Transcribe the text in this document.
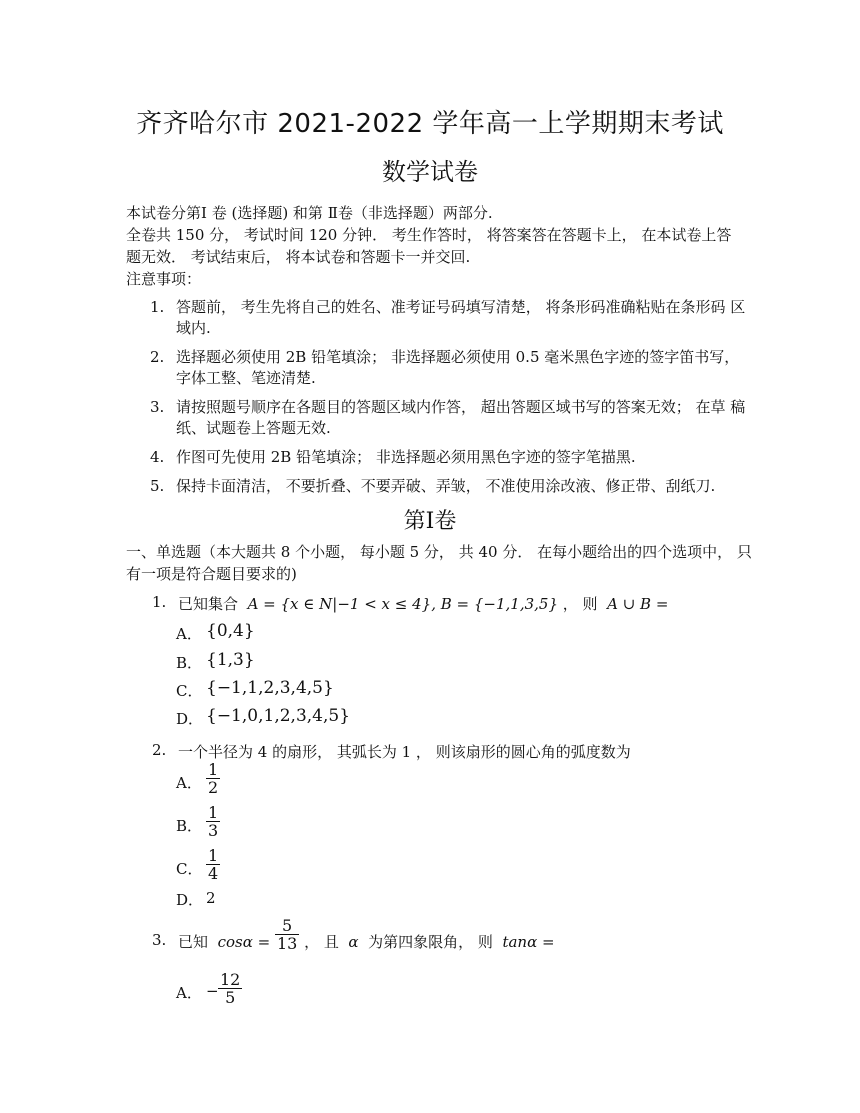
齐齐哈尔市 2021-2022 学年高一上学期期末考试
数学试卷

本试卷分第Ⅰ 卷 (选择题) 和第 Ⅱ卷（非选择题）两部分.

全卷共 150 分， 考试时间 120 分钟． 考生作答时， 将答案答在答题卡上， 在本试卷上答题无效． 考试结束后， 将本试卷和答题卡一并交回.

注意事项：

1. 答题前， 考生先将自己的姓名、准考证号码填写清楚， 将条形码准确粘贴在条形码 区域内.
2. 选择题必须使用 2B 铅笔填涂； 非选择题必须使用 0.5 毫米黑色字迹的签字笛书写， 字体工整、笔迹清楚.
3. 请按照题号顺序在各题目的答题区域内作答， 超出答题区域书写的答案无效； 在草 稿纸、试题卷上答题无效.
4. 作图可先使用 2B 铅笔填涂； 非选择题必须用黑色字迹的签字笔描黑.
5. 保持卡面清洁， 不要折叠、不要弄破、弄皱， 不准使用涂改液、修正带、刮纸刀.
第Ⅰ卷
一、单选题（本大题共 8 个小题， 每小题 5 分， 共 40 分． 在每小题给出的四个选项中， 只有一项是符合题目要求的)
1. 已知集合 A = {x ∈ N|−1 < x ≤ 4}, B = {−1,1,3,5} ， 则 A ∪ B =
A． {0,4}
B． {1,3}
C． {−1,1,2,3,4,5}
D． {−1,0,1,2,3,4,5}
2. 一个半径为 4 的扇形， 其弧长为 1 ， 则该扇形的圆心角的弧度数为
A． $\frac{1}{2}$
B． $\frac{1}{3}$
C． $\frac{1}{4}$
D． 2
3. 已知 $\cos\alpha = \frac{5}{13}$ ， 且 α 为第四象限角， 则 tanα =
A． − $\frac{12}{5}$
